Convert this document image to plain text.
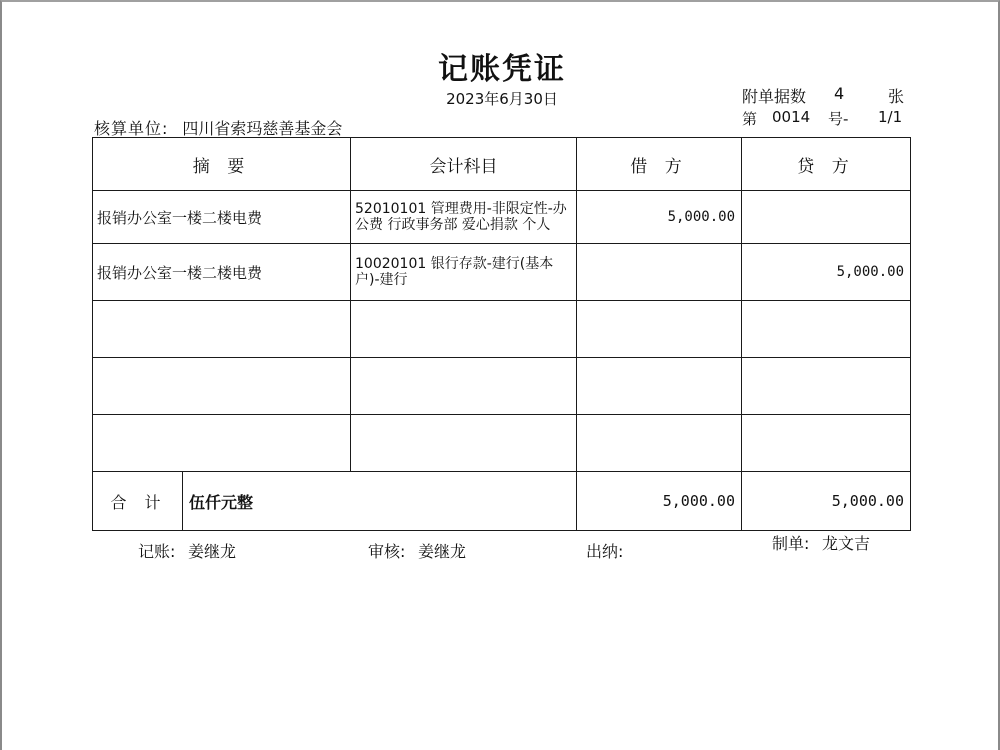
记账凭证
2023年6月30日	附单据数 4	张
第 0014 号- 1/1
核算单位: 四川省索玛慈善基金会
摘 要	会计科目	借 方	贷 方
报销办公室一楼二楼电费	52010101 管理费用-非限定性-办公费 行政事务部 爱心捐款 个人	5,000.00	
报销办公室一楼二楼电费	10020101 银行存款-建行(基本户)-建行		5,000.00

合计 伍仟元整		5,000.00	5,000.00
记账: 姜继龙	审核: 姜继龙	出纳:	制单: 龙文吉
